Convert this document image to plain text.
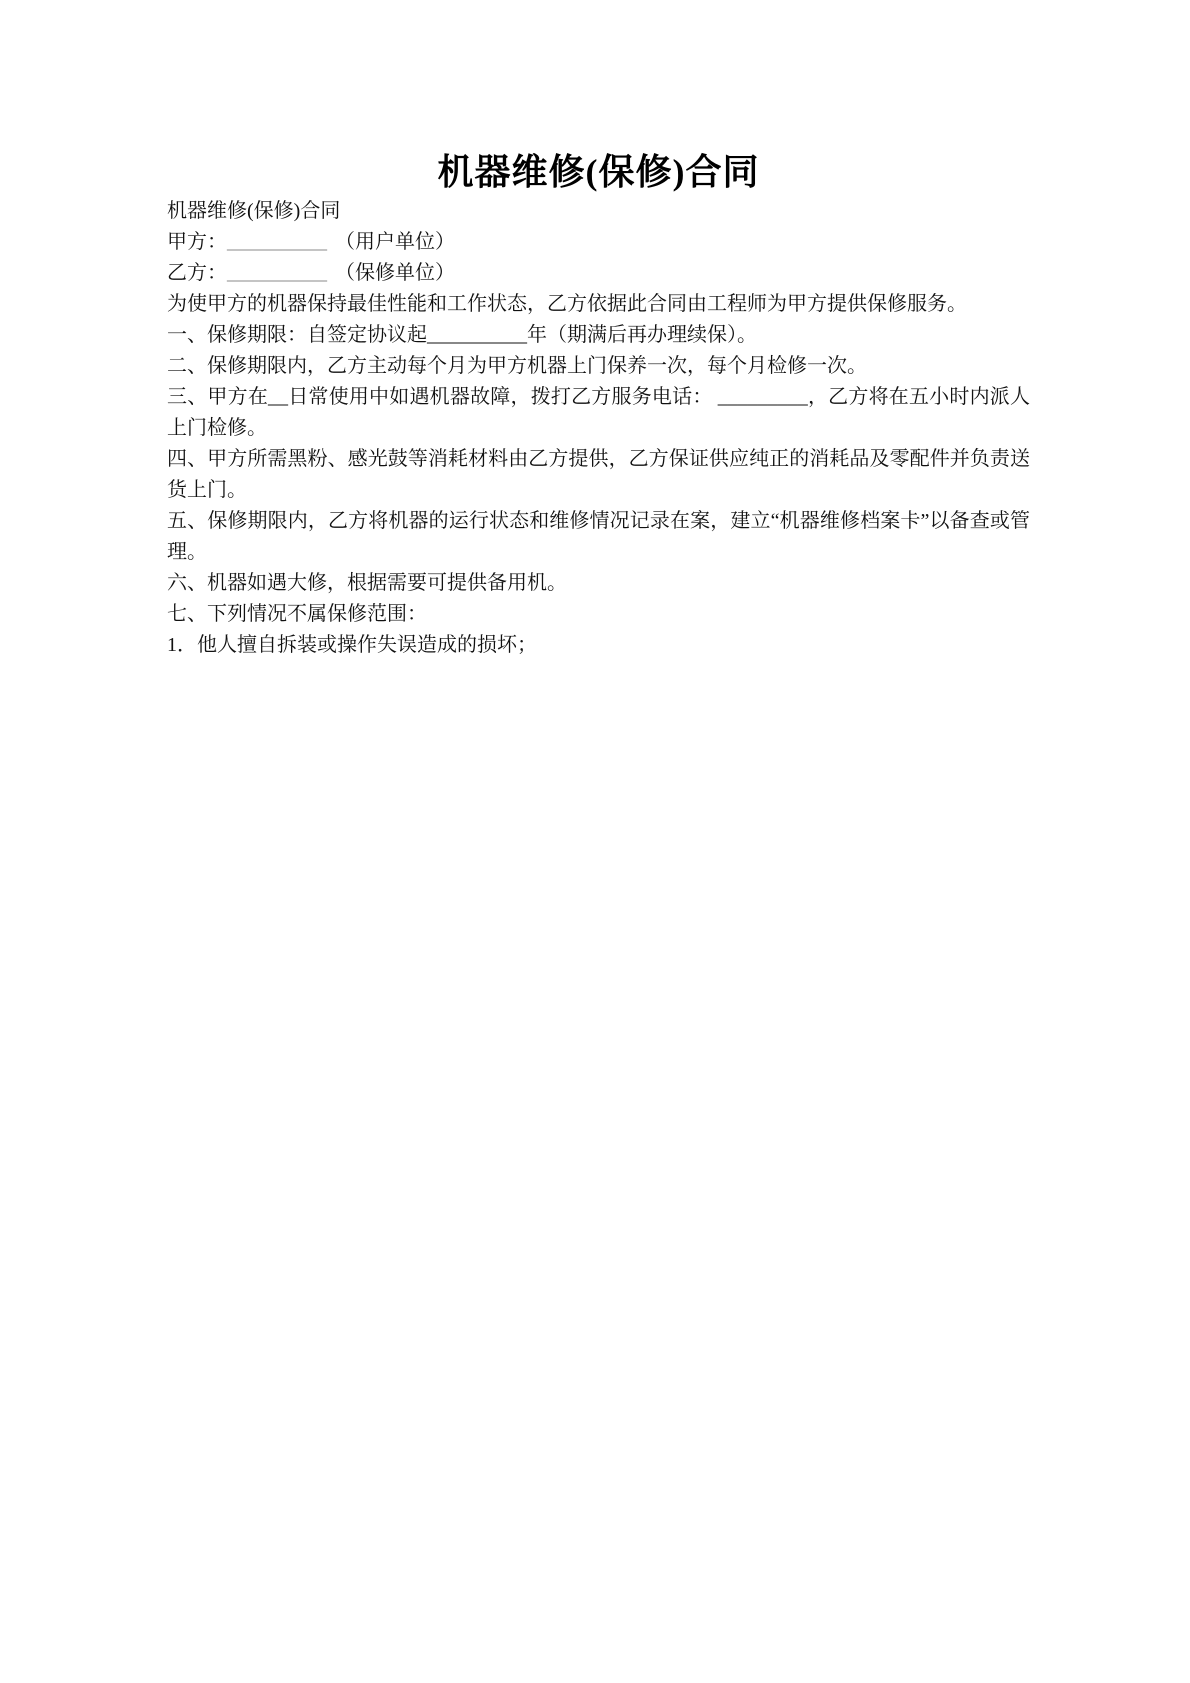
机器维修(保修)合同

机器维修(保修)合同

甲方：__________ （用户单位）

乙方：__________ （保修单位）

为使甲方的机器保持最佳性能和工作状态，乙方依据此合同由工程师为甲方提供保修服务。

一、保修期限：自签定协议起__________年（期满后再办理续保）。

二、保修期限内，乙方主动每个月为甲方机器上门保养一次，每个月检修一次。

三、甲方在__日常使用中如遇机器故障，拨打乙方服务电话： _________，乙方将在五小时内派人上门检修。

四、甲方所需黑粉、感光鼓等消耗材料由乙方提供，乙方保证供应纯正的消耗品及零配件并负责送货上门。

五、保修期限内，乙方将机器的运行状态和维修情况记录在案，建立“机器维修档案卡”以备查或管理。

六、机器如遇大修，根据需要可提供备用机。

七、下列情况不属保修范围：

1．他人擅自拆装或操作失误造成的损坏；
